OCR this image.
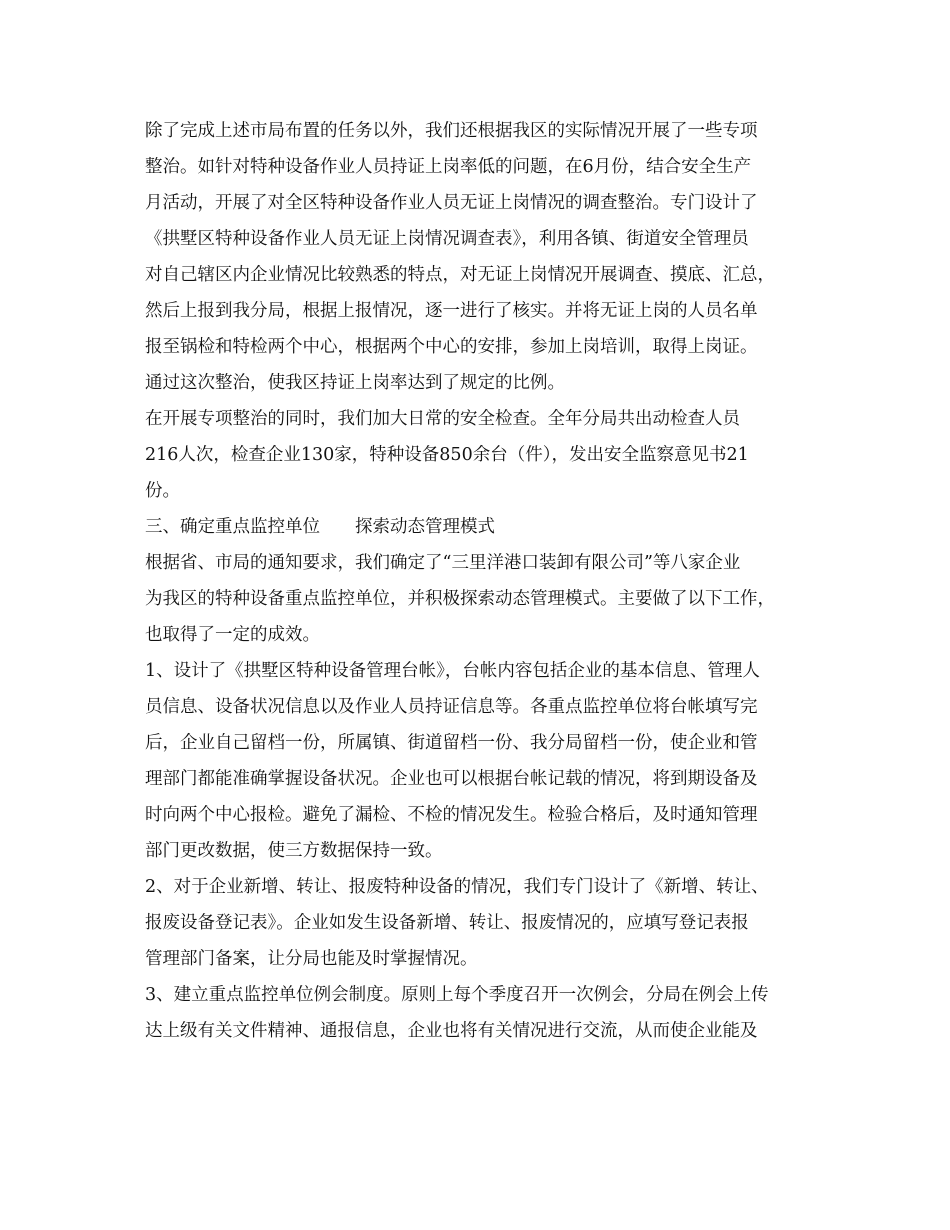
除了完成上述市局布置的任务以外，我们还根据我区的实际情况开展了一些专项
整治。如针对特种设备作业人员持证上岗率低的问题，在6月份，结合安全生产
月活动，开展了对全区特种设备作业人员无证上岗情况的调查整治。专门设计了
《拱墅区特种设备作业人员无证上岗情况调查表》，利用各镇、街道安全管理员
对自己辖区内企业情况比较熟悉的特点，对无证上岗情况开展调查、摸底、汇总，
然后上报到我分局，根据上报情况，逐一进行了核实。并将无证上岗的人员名单
报至锅检和特检两个中心，根据两个中心的安排，参加上岗培训，取得上岗证。
通过这次整治，使我区持证上岗率达到了规定的比例。
在开展专项整治的同时，我们加大日常的安全检查。全年分局共出动检查人员
216人次，检查企业130家，特种设备850余台（件），发出安全监察意见书21
份。
三、确定重点监控单位　　探索动态管理模式
根据省、市局的通知要求，我们确定了“三里洋港口装卸有限公司”等八家企业
为我区的特种设备重点监控单位，并积极探索动态管理模式。主要做了以下工作，
也取得了一定的成效。
1、设计了《拱墅区特种设备管理台帐》，台帐内容包括企业的基本信息、管理人
员信息、设备状况信息以及作业人员持证信息等。各重点监控单位将台帐填写完
后，企业自己留档一份，所属镇、街道留档一份、我分局留档一份，使企业和管
理部门都能准确掌握设备状况。企业也可以根据台帐记载的情况，将到期设备及
时向两个中心报检。避免了漏检、不检的情况发生。检验合格后，及时通知管理
部门更改数据，使三方数据保持一致。
2、对于企业新增、转让、报废特种设备的情况，我们专门设计了《新增、转让、
报废设备登记表》。企业如发生设备新增、转让、报废情况的，应填写登记表报
管理部门备案，让分局也能及时掌握情况。
3、建立重点监控单位例会制度。原则上每个季度召开一次例会，分局在例会上传
达上级有关文件精神、通报信息，企业也将有关情况进行交流，从而使企业能及
